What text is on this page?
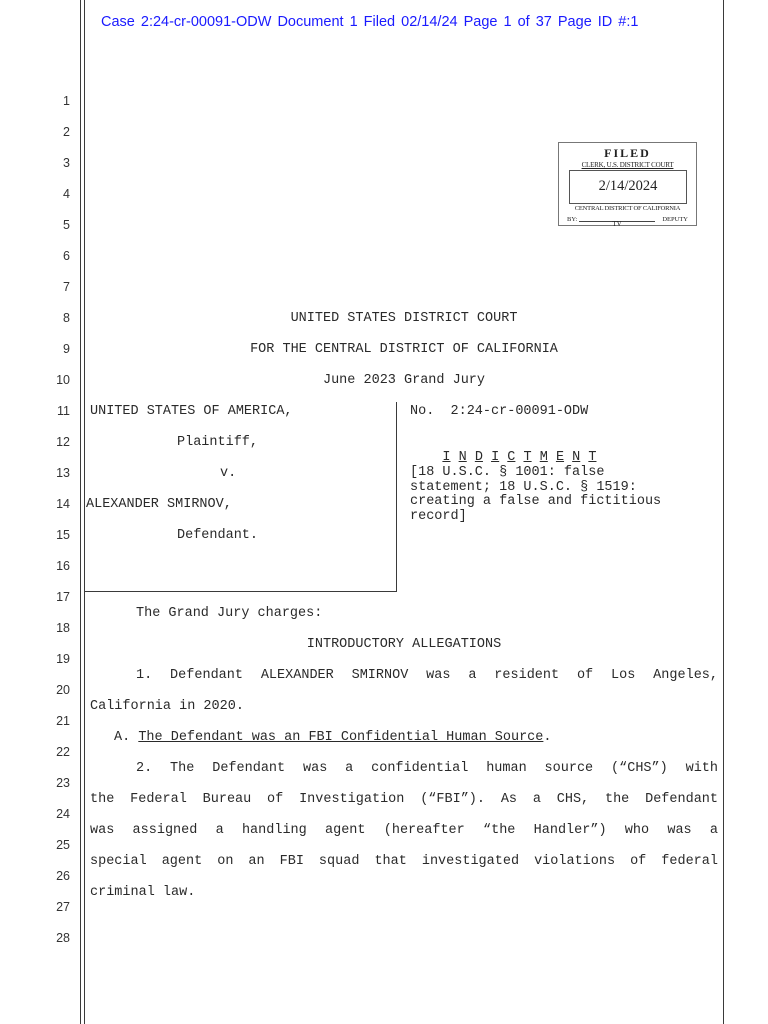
Case 2:24-cr-00091-ODW Document 1 Filed 02/14/24 Page 1 of 37 Page ID #:1
1
2
3
4
5
6
7
8
9
10
11
12
13
14
15
16
17
18
19
20
21
22
23
24
25
26
27
28
FILED
CLERK, U.S. DISTRICT COURT
2/14/2024
CENTRAL DISTRICT OF CALIFORNIA
BY:
TV
DEPUTY
UNITED STATES DISTRICT COURT
FOR THE CENTRAL DISTRICT OF CALIFORNIA
June 2023 Grand Jury
UNITED STATES OF AMERICA,
Plaintiff,
v.
ALEXANDER SMIRNOV,
Defendant.
No.  2:24-cr-00091-ODW

I N D I C T M E N T

[18 U.S.C. § 1001: false
statement; 18 U.S.C. § 1519:
creating a false and fictitious
record]
The Grand Jury charges:
INTRODUCTORY ALLEGATIONS
1. Defendant ALEXANDER SMIRNOV was a resident of Los Angeles,
California in 2020.
A. The Defendant was an FBI Confidential Human Source.
2. The Defendant was a confidential human source (“CHS”) with
the Federal Bureau of Investigation (“FBI”). As a CHS, the Defendant
was assigned a handling agent (hereafter “the Handler”) who was a
special agent on an FBI squad that investigated violations of federal
criminal law.
